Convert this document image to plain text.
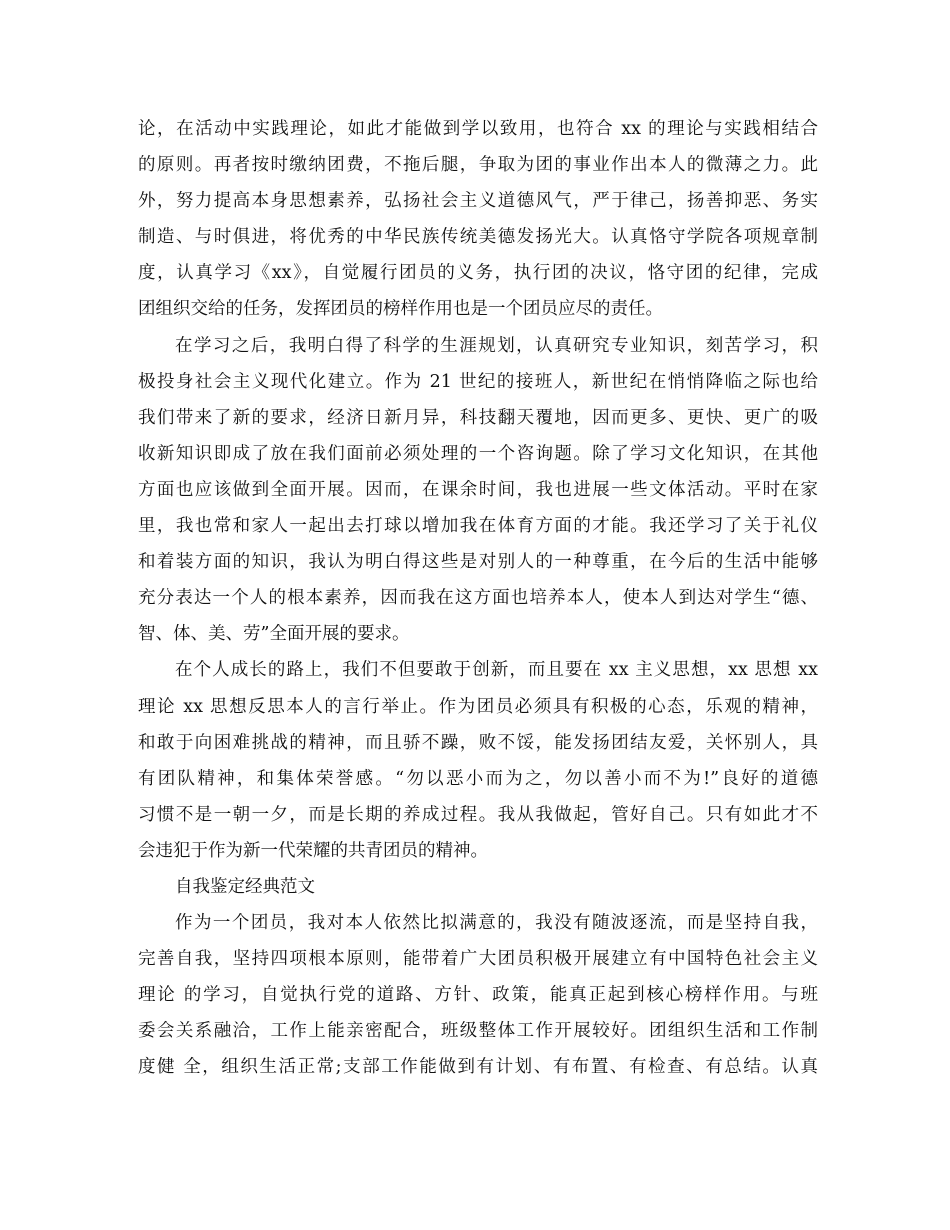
论，在活动中实践理论，如此才能做到学以致用，也符合 xx 的理论与实践相结合
的原则。再者按时缴纳团费，不拖后腿，争取为团的事业作出本人的微薄之力。此
外，努力提高本身思想素养，弘扬社会主义道德风气，严于律己，扬善抑恶、务实
制造、与时俱进，将优秀的中华民族传统美德发扬光大。认真恪守学院各项规章制
度，认真学习《xx》，自觉履行团员的义务，执行团的决议，恪守团的纪律，完成
团组织交给的任务，发挥团员的榜样作用也是一个团员应尽的责任。
在学习之后，我明白得了科学的生涯规划，认真研究专业知识，刻苦学习，积
极投身社会主义现代化建立。作为 21 世纪的接班人，新世纪在悄悄降临之际也给
我们带来了新的要求，经济日新月异，科技翻天覆地，因而更多、更快、更广的吸
收新知识即成了放在我们面前必须处理的一个咨询题。除了学习文化知识，在其他
方面也应该做到全面开展。因而，在课余时间，我也进展一些文体活动。平时在家
里，我也常和家人一起出去打球以增加我在体育方面的才能。我还学习了关于礼仪
和着装方面的知识，我认为明白得这些是对别人的一种尊重，在今后的生活中能够
充分表达一个人的根本素养，因而我在这方面也培养本人，使本人到达对学生“德、
智、体、美、劳”全面开展的要求。
在个人成长的路上，我们不但要敢于创新，而且要在 xx 主义思想，xx 思想 xx
理论 xx 思想反思本人的言行举止。作为团员必须具有积极的心态，乐观的精神，
和敢于向困难挑战的精神，而且骄不躁，败不馁，能发扬团结友爱，关怀别人，具
有团队精神，和集体荣誉感。“勿以恶小而为之，勿以善小而不为!”良好的道德
习惯不是一朝一夕，而是长期的养成过程。我从我做起，管好自己。只有如此才不
会违犯于作为新一代荣耀的共青团员的精神。
自我鉴定经典范文
作为一个团员，我对本人依然比拟满意的，我没有随波逐流，而是坚持自我，
完善自我，坚持四项根本原则，能带着广大团员积极开展建立有中国特色社会主义
理论 的学习，自觉执行党的道路、方针、政策，能真正起到核心榜样作用。与班
委会关系融洽，工作上能亲密配合，班级整体工作开展较好。团组织生活和工作制
度健 全，组织生活正常;支部工作能做到有计划、有布置、有检查、有总结。认真
